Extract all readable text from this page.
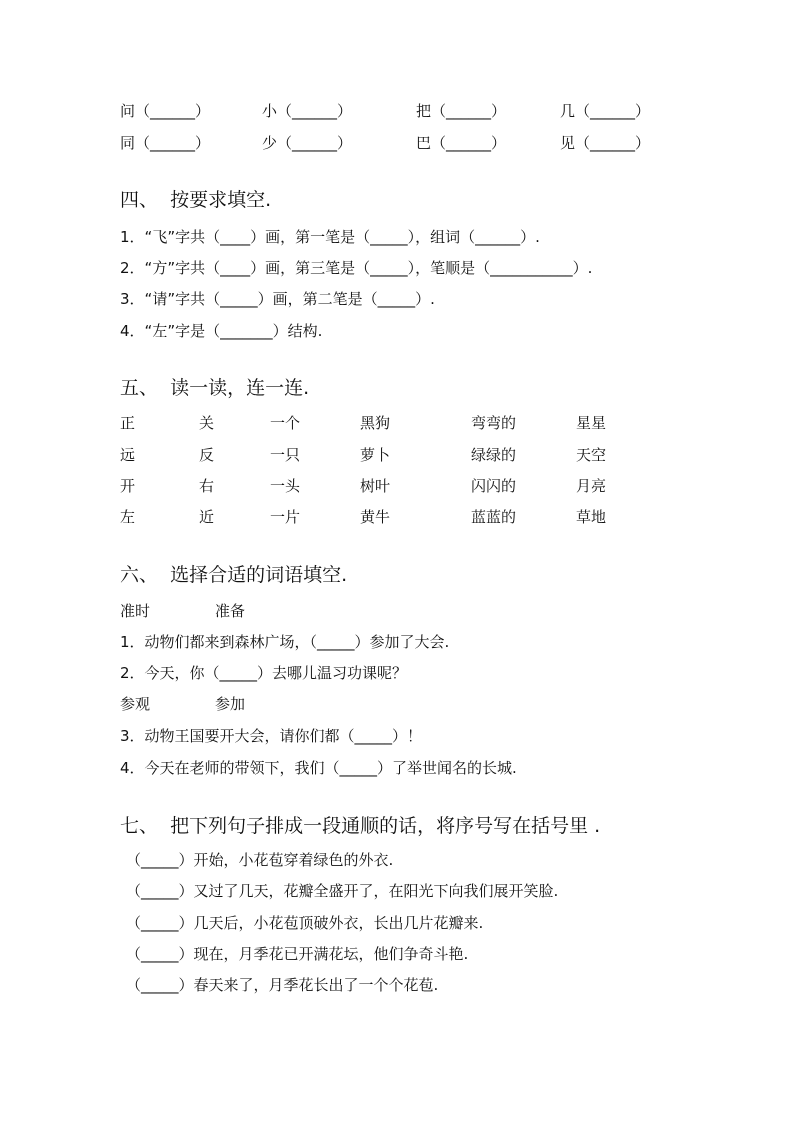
问（______）	小（______）	把（______）	几（______）
同（______）	少（______）	巴（______）	见（______）
四、  按要求填空.
1．“飞”字共（____）画，第一笔是（_____），组词（______）.
2．“方”字共（____）画，第三笔是（_____），笔顺是（___________）.
3．“请”字共（_____）画，第二笔是（_____）.
4．“左”字是（_______）结构.
五、  读一读，连一连.
正	关	一个	黑狗	弯弯的	星星
远	反	一只	萝卜	绿绿的	天空
开	右	一头	树叶	闪闪的	月亮
左	近	一片	黄牛	蓝蓝的	草地
六、  选择合适的词语填空.
准时	准备
1．动物们都来到森林广场，（_____）参加了大会.
2．今天，你（_____）去哪儿温习功课呢？
参观	参加
3．动物王国要开大会，请你们都（_____）！
4．今天在老师的带领下，我们（_____）了举世闻名的长城.
七、  把下列句子排成一段通顺的话，将序号写在括号里 .
（_____）开始，小花苞穿着绿色的外衣.
（_____）又过了几天，花瓣全盛开了，在阳光下向我们展开笑脸.
（_____）几天后，小花苞顶破外衣，长出几片花瓣来.
（_____）现在，月季花已开满花坛，他们争奇斗艳.
（_____）春天来了，月季花长出了一个个花苞.
